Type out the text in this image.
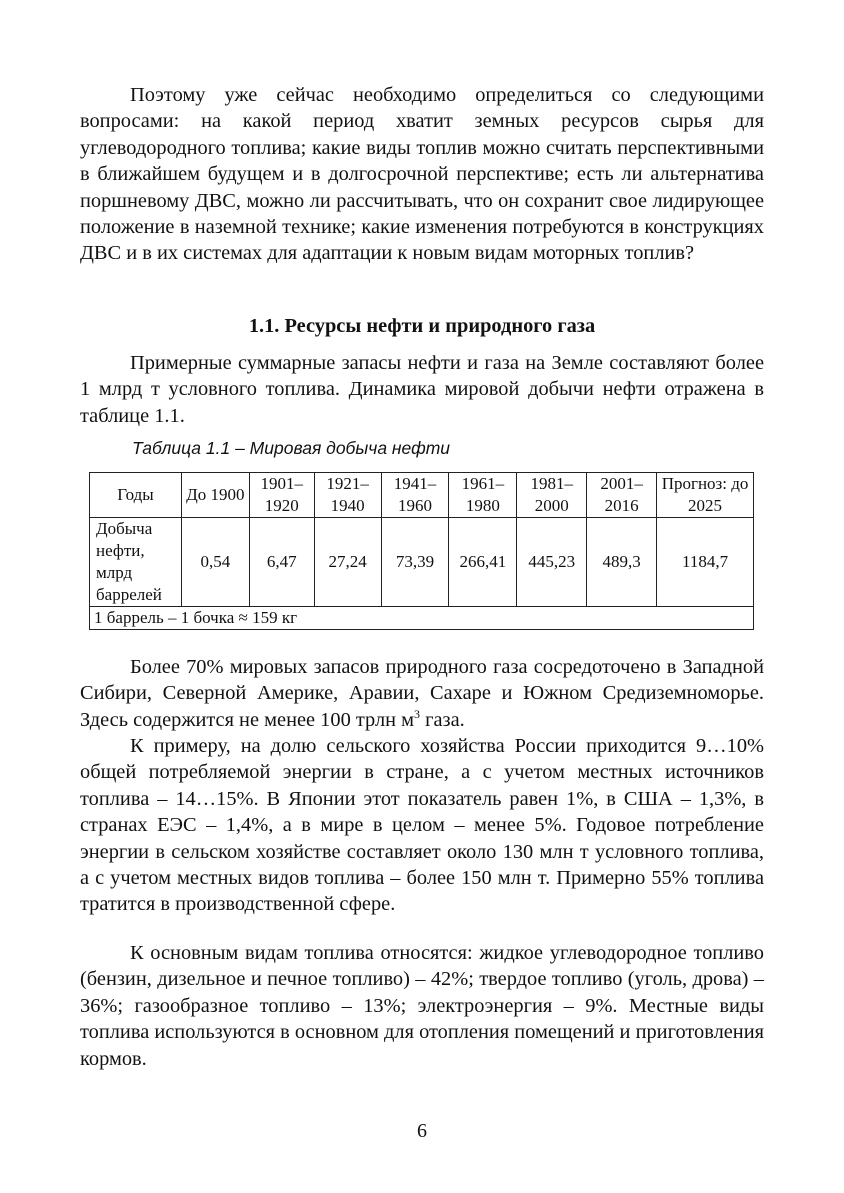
Поэтому уже сейчас необходимо определиться со следующими вопросами: на какой период хватит земных ресурсов сырья для углеводородного топлива; какие виды топлив можно считать перспективными в ближайшем будущем и в долгосрочной перспективе; есть ли альтернатива поршневому ДВС, можно ли рассчитывать, что он сохранит свое лидирующее положение в наземной технике; какие изменения потребуются в конструкциях ДВС и в их системах для адаптации к новым видам моторных топлив?

1.1. Ресурсы нефти и природного газа

Примерные суммарные запасы нефти и газа на Земле составляют более 1 млрд т условного топлива. Динамика мировой добычи нефти отражена в таблице 1.1.

Таблица 1.1 – Мировая добыча нефти
Годы	До 1900	1901–1920	1921–1940	1941–1960	1961–1980	1981–2000	2001–2016	Прогноз: до 2025
Добыча нефти, млрд баррелей	0,54	6,47	27,24	73,39	266,41	445,23	489,3	1184,7
1 баррель – 1 бочка ≈ 159 кг								

Более 70% мировых запасов природного газа сосредоточено в Западной Сибири, Северной Америке, Аравии, Сахаре и Южном Средиземноморье. Здесь содержится не менее 100 трлн $м^3$ газа.

К примеру, на долю сельского хозяйства России приходится 9…10% общей потребляемой энергии в стране, а с учетом местных источников топлива – 14…15%. В Японии этот показатель равен 1%, в США – 1,3%, в странах ЕЭС – 1,4%, а в мире в целом – менее 5%. Годовое потребление энергии в сельском хозяйстве составляет около 130 млн т условного топлива, а с учетом местных видов топлива – более 150 млн т. Примерно 55% топлива тратится в производственной сфере.

К основным видам топлива относятся: жидкое углеводородное топливо (бензин, дизельное и печное топливо) – 42%; твердое топливо (уголь, дрова) – 36%; газообразное топливо – 13%; электроэнергия – 9%. Местные виды топлива используются в основном для отопления помещений и приготовления кормов.

6
